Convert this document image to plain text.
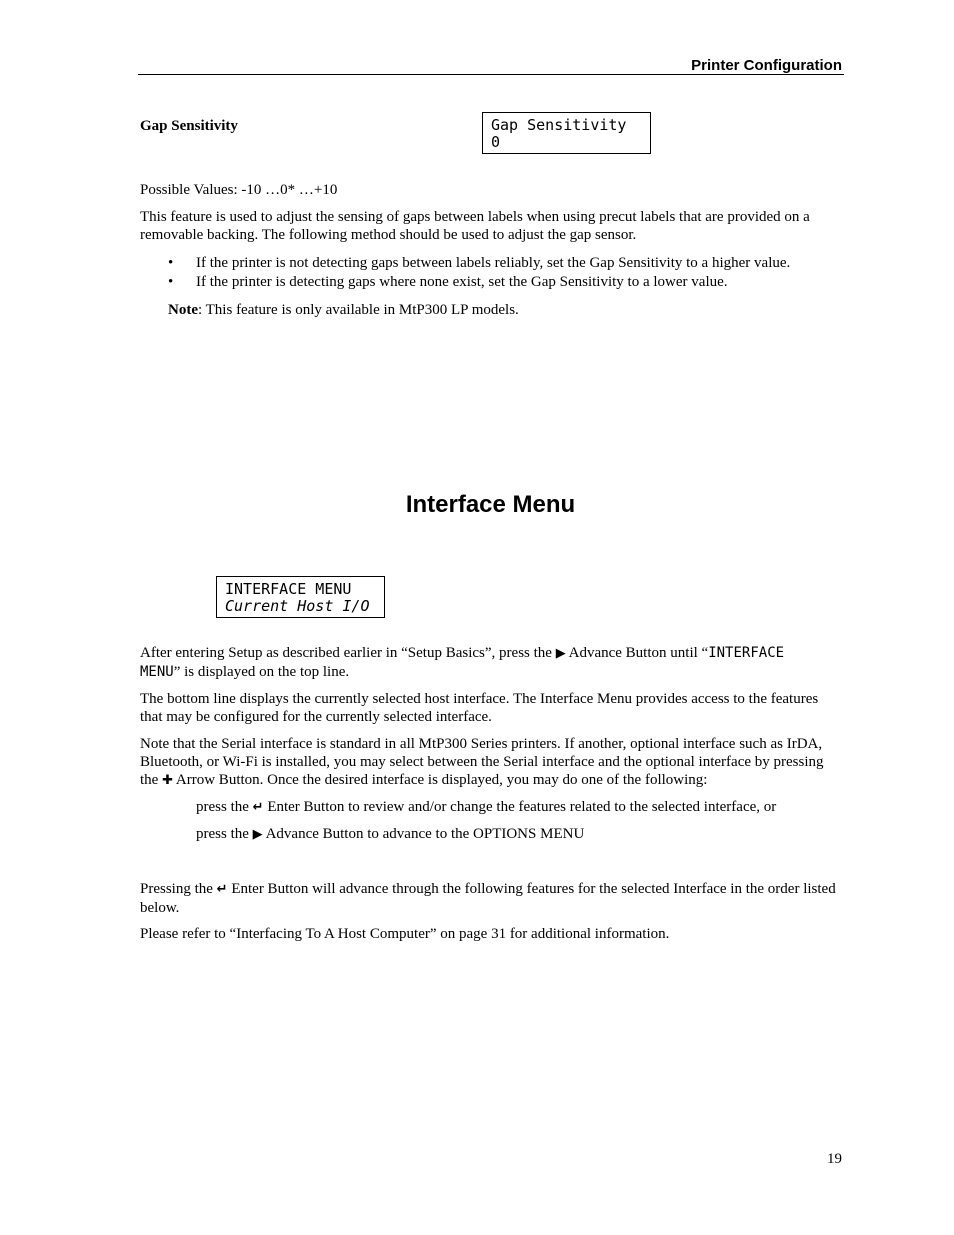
Printer Configuration
Gap Sensitivity	Gap Sensitivity
0
Possible Values: -10 …0* …+10
This feature is used to adjust the sensing of gaps between labels when using precut labels that are provided on a removable backing. The following method should be used to adjust the gap sensor.
• If the printer is not detecting gaps between labels reliably, set the Gap Sensitivity to a higher value.
• If the printer is detecting gaps where none exist, set the Gap Sensitivity to a lower value.
Note: This feature is only available in MtP300 LP models.
Interface Menu
INTERFACE MENU
Current Host I/O
After entering Setup as described earlier in “Setup Basics”, press the ▶ Advance Button until “INTERFACE
MENU” is displayed on the top line.
The bottom line displays the currently selected host interface. The Interface Menu provides access to the features that may be configured for the currently selected interface.
Note that the Serial interface is standard in all MtP300 Series printers. If another, optional interface such as IrDA, Bluetooth, or Wi-Fi is installed, you may select between the Serial interface and the optional interface by pressing the ✚ Arrow Button. Once the desired interface is displayed, you may do one of the following:
press the ↵ Enter Button to review and/or change the features related to the selected interface, or
press the ▶ Advance Button to advance to the OPTIONS MENU
Pressing the ↵ Enter Button will advance through the following features for the selected Interface in the order listed below.
Please refer to “Interfacing To A Host Computer” on page 31 for additional information.
19
